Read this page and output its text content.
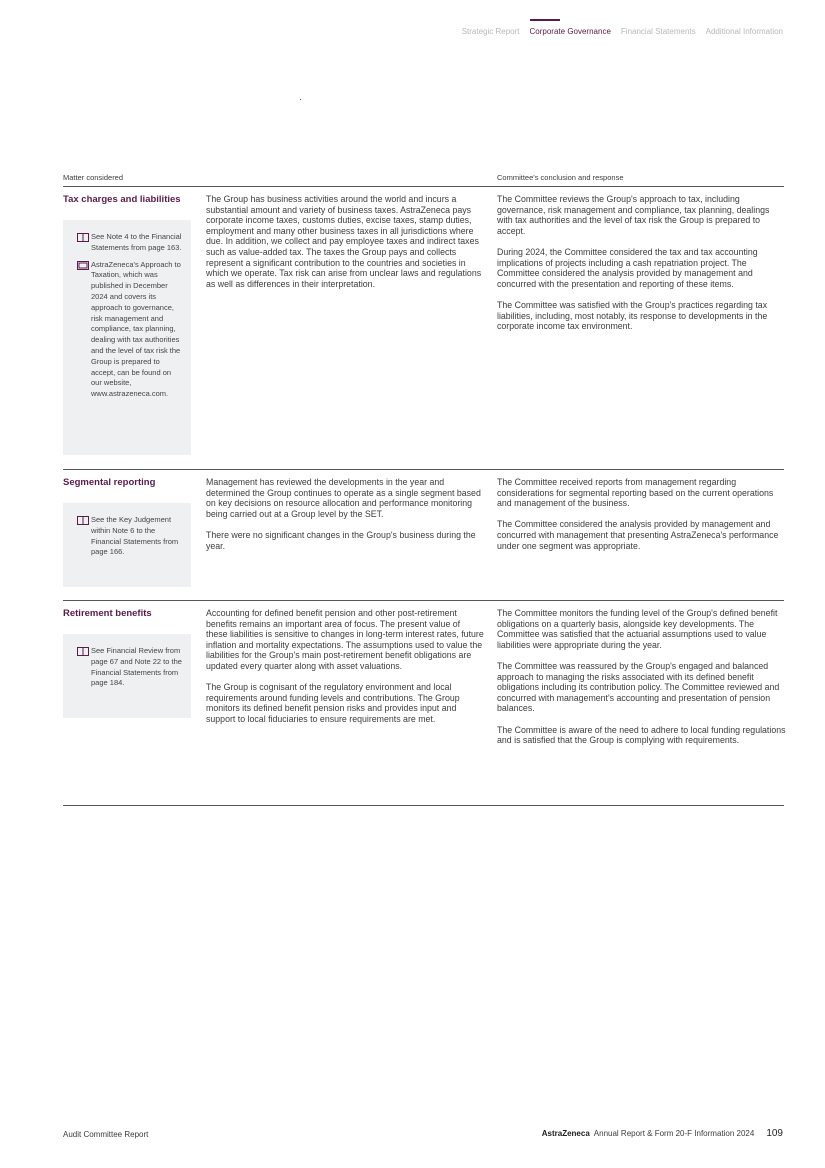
Strategic Report Corporate Governance Financial Statements Additional Information
Matter considered	Committee's conclusion and response
Tax charges and liabilities
See Note 4 to the Financial Statements from page 163.
AstraZeneca's Approach to Taxation, which was published in December 2024 and covers its approach to governance, risk management and compliance, tax planning, dealing with tax authorities and the level of tax risk the Group is prepared to accept, can be found on our website, www.astrazeneca.com.

The Group has business activities around the world and incurs a substantial amount and variety of business taxes. AstraZeneca pays corporate income taxes, customs duties, excise taxes, stamp duties, employment and many other business taxes in all jurisdictions where due. In addition, we collect and pay employee taxes and indirect taxes such as value-added tax. The taxes the Group pays and collects represent a significant contribution to the countries and societies in which we operate. Tax risk can arise from unclear laws and regulations as well as differences in their interpretation.

The Committee reviews the Group's approach to tax, including governance, risk management and compliance, tax planning, dealings with tax authorities and the level of tax risk the Group is prepared to accept.

During 2024, the Committee considered the tax and tax accounting implications of projects including a cash repatriation project. The Committee considered the analysis provided by management and concurred with the presentation and reporting of these items.

The Committee was satisfied with the Group's practices regarding tax liabilities, including, most notably, its response to developments in the corporate income tax environment.

Segmental reporting
See the Key Judgement within Note 6 to the Financial Statements from page 166.

Management has reviewed the developments in the year and determined the Group continues to operate as a single segment based on key decisions on resource allocation and performance monitoring being carried out at a Group level by the SET.

There were no significant changes in the Group's business during the year.

The Committee received reports from management regarding considerations for segmental reporting based on the current operations and management of the business.

The Committee considered the analysis provided by management and concurred with management that presenting AstraZeneca's performance under one segment was appropriate.

Retirement benefits
See Financial Review from page 67 and Note 22 to the Financial Statements from page 184.

Accounting for defined benefit pension and other post-retirement benefits remains an important area of focus. The present value of these liabilities is sensitive to changes in long-term interest rates, future inflation and mortality expectations. The assumptions used to value the liabilities for the Group's main post-retirement benefit obligations are updated every quarter along with asset valuations.

The Group is cognisant of the regulatory environment and local requirements around funding levels and contributions. The Group monitors its defined benefit pension risks and provides input and support to local fiduciaries to ensure requirements are met.

The Committee monitors the funding level of the Group's defined benefit obligations on a quarterly basis, alongside key developments. The Committee was satisfied that the actuarial assumptions used to value liabilities were appropriate during the year.

The Committee was reassured by the Group's engaged and balanced approach to managing the risks associated with its defined benefit obligations including its contribution policy. The Committee reviewed and concurred with management's accounting and presentation of pension balances.

The Committee is aware of the need to adhere to local funding regulations and is satisfied that the Group is complying with requirements.

Audit Committee Report	AstraZeneca Annual Report & Form 20-F Information 2024 109
